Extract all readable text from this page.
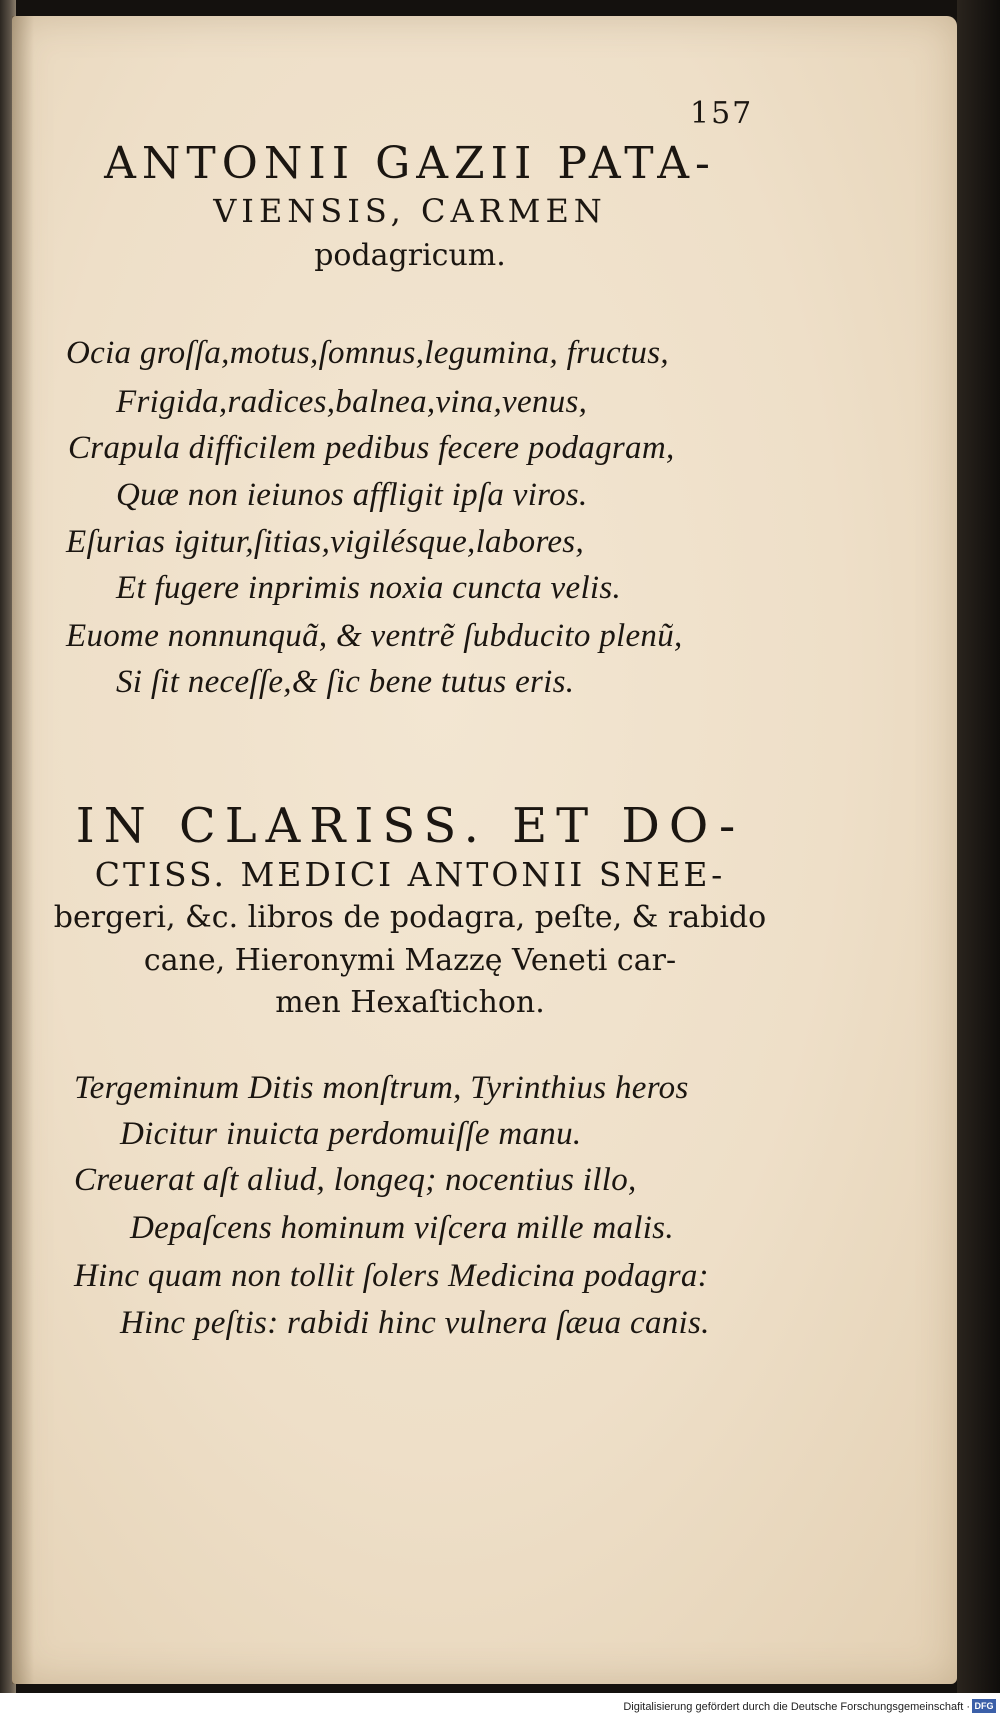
157
ANTONII GAZII PATA-
VIENSIS, CARMEN
podagricum.
Ocia groſſa,motus,ſomnus,legumina, fructus,
Frigida,radices,balnea,vina,venus,
Crapula difficilem pedibus fecere podagram,
Quæ non ieiunos affligit ipſa viros.
Eſurias igitur,ſitias,vigilésque,labores,
Et fugere inprimis noxia cuncta velis.
Euome nonnunquã, & ventrẽ ſubducito plenũ,
Si ſit neceſſe,& ſic bene tutus eris.
IN CLARISS. ET DO-
CTISS. MEDICI ANTONII SNEE-
bergeri, &c. libros de podagra, peſte, & rabido
cane, Hieronymi Mazzę Veneti car-
men Hexaſtichon.
Tergeminum Ditis monſtrum, Tyrinthius heros
Dicitur inuicta perdomuiſſe manu.
Creuerat aſt aliud, longeq; nocentius illo,
Depaſcens hominum viſcera mille malis.
Hinc quam non tollit ſolers Medicina podagra:
Hinc peſtis: rabidi hinc vulnera ſæua canis.
Digitalisierung gefördert durch die Deutsche Forschungsgemeinschaft · DFG
